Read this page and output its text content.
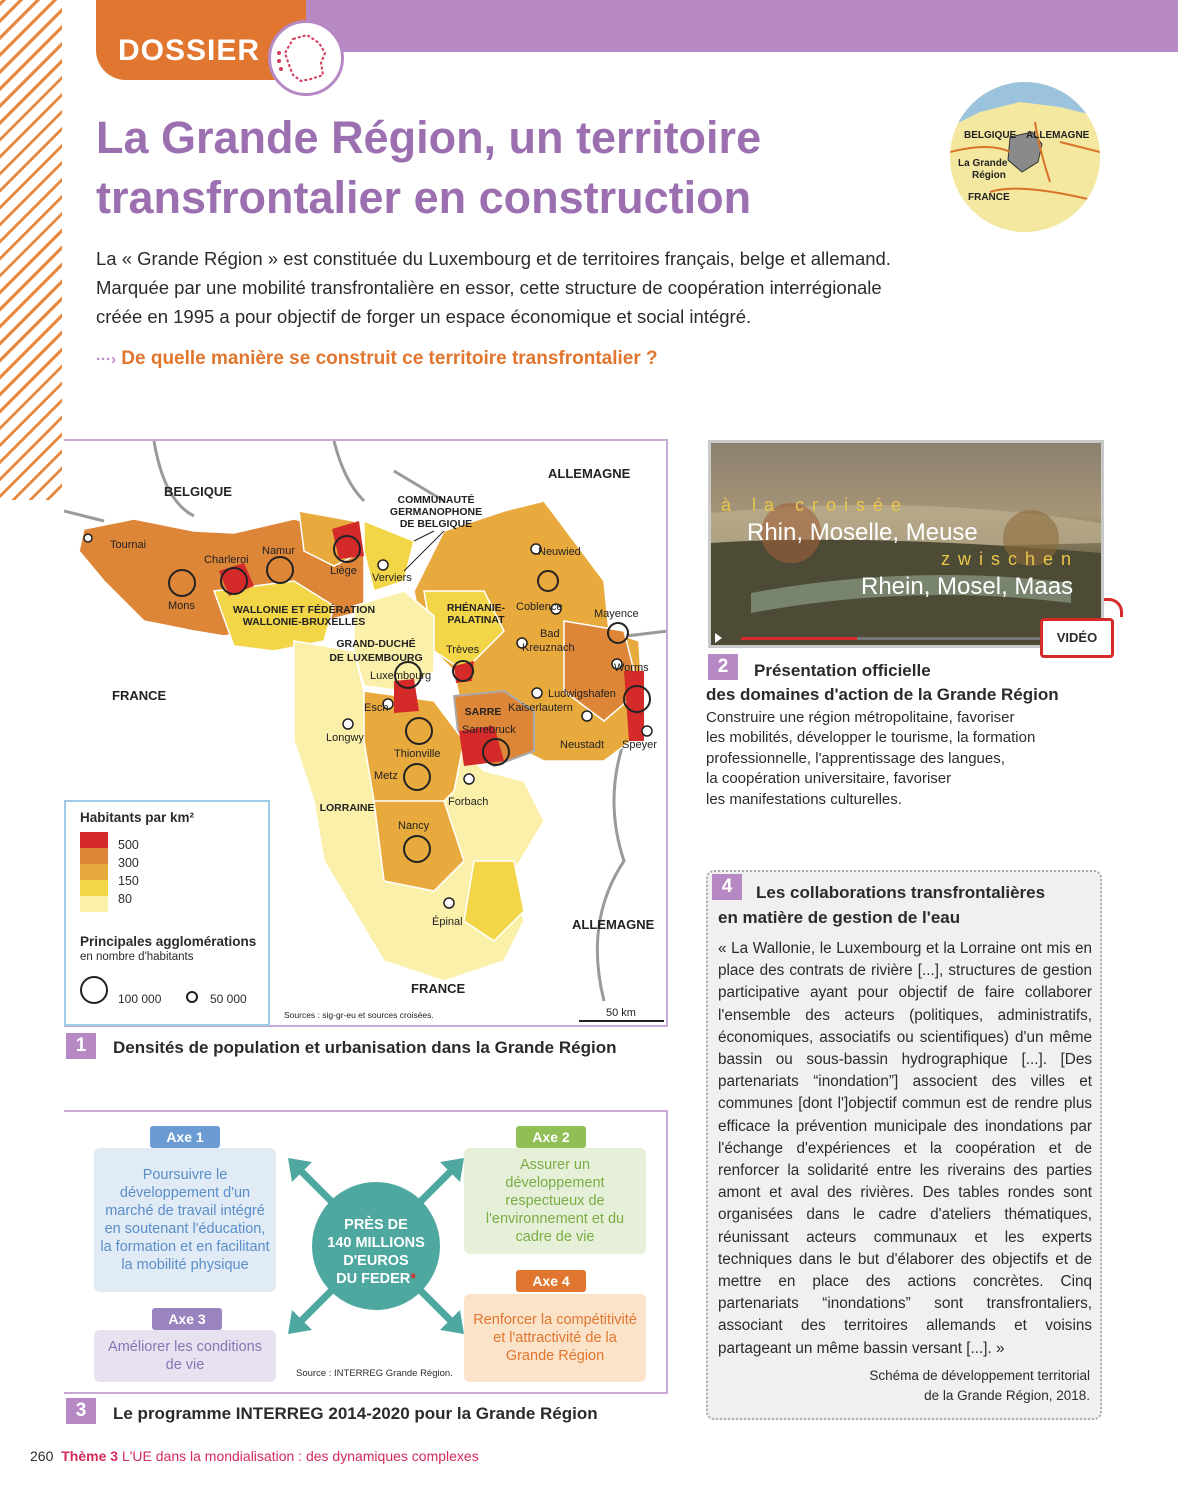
DOSSIER
La Grande Région, un territoire
transfrontalier en construction
BELGIQUE ALLEMAGNE
La Grande
Région
FRANCE
La « Grande Région » est constituée du Luxembourg et de territoires français, belge et allemand.
Marquée par une mobilité transfrontalière en essor, cette structure de coopération interrégionale
créée en 1995 a pour objectif de forger un espace économique et social intégré.
···› De quelle manière se construit ce territoire transfrontalier ?
BELGIQUE
ALLEMAGNE
FRANCE
ALLEMAGNE
FRANCE
COMMUNAUTÉ
GERMANOPHONE
DE BELGIQUE
WALLONIE ET FÉDÉRATION
WALLONIE-BRUXELLES
RHÉNANIE-
PALATINAT
GRAND-DUCHÉ
DE LUXEMBOURG
SARRE
LORRAINE
Tournai
Charleroi
Namur
Liège
Verviers
Mons
Neuwied
Coblence
Mayence
Bad
Kreuznach
Trèves
Worms
Luxembourg
Ludwigshafen
Kaiserlautern
Esch
Sarrebruck
Neustadt Speyer
Longwy
Thionville
Metz
Forbach
Nancy
Épinal
Sources : sig-gr-eu et sources croisées.	50 km
Habitants par km²
500
300
150
80
Principales agglomérations
en nombre d'habitants
100 000	50 000
1	Densités de population et urbanisation dans la Grande Région
à la croisée
Rhin, Moselle, Meuse
zwischen
Rhein, Mosel, Maas
VIDÉO
2	Présentation officielle
des domaines d'action de la Grande Région
Construire une région métropolitaine, favoriser
les mobilités, développer le tourisme, la formation
professionnelle, l'apprentissage des langues,
la coopération universitaire, favoriser
les manifestations culturelles.
Axe 1
Poursuivre le développement d'un marché de travail intégré en soutenant l'éducation, la formation et en facilitant la mobilité physique
Axe 2
Assurer un développement respectueux de l'environnement et du cadre de vie
Axe 3
Améliorer les conditions de vie
Axe 4
Renforcer la compétitivité et l'attractivité de la Grande Région
PRÈS DE
140 MILLIONS
D'EUROS
DU FEDER*
Source : INTERREG Grande Région.
3	Le programme INTERREG 2014-2020 pour la Grande Région
4	Les collaborations transfrontalières
en matière de gestion de l'eau
« La Wallonie, le Luxembourg et la Lorraine ont mis en place des contrats de rivière [...], structures de gestion participative ayant pour objectif de faire collaborer l'ensemble des acteurs (politiques, administratifs, économiques, associatifs ou scientifiques) d'un même bassin ou sous-bassin hydrographique [...]. [Des partenariats “inondation”] associent des villes et communes [dont l']objectif commun est de rendre plus efficace la prévention municipale des inondations par l'échange d'expériences et la coopération et de renforcer la solidarité entre les riverains des parties amont et aval des rivières. Des tables rondes sont organisées dans le cadre d'ateliers thématiques, réunissant acteurs communaux et les experts techniques dans le but d'élaborer des objectifs et de mettre en place des actions concrètes. Cinq partenariats “inondations” sont transfrontaliers, associant des territoires allemands et voisins partageant un même bassin versant [...]. »
Schéma de développement territorial
de la Grande Région, 2018.
260 Thème 3 L'UE dans la mondialisation : des dynamiques complexes
